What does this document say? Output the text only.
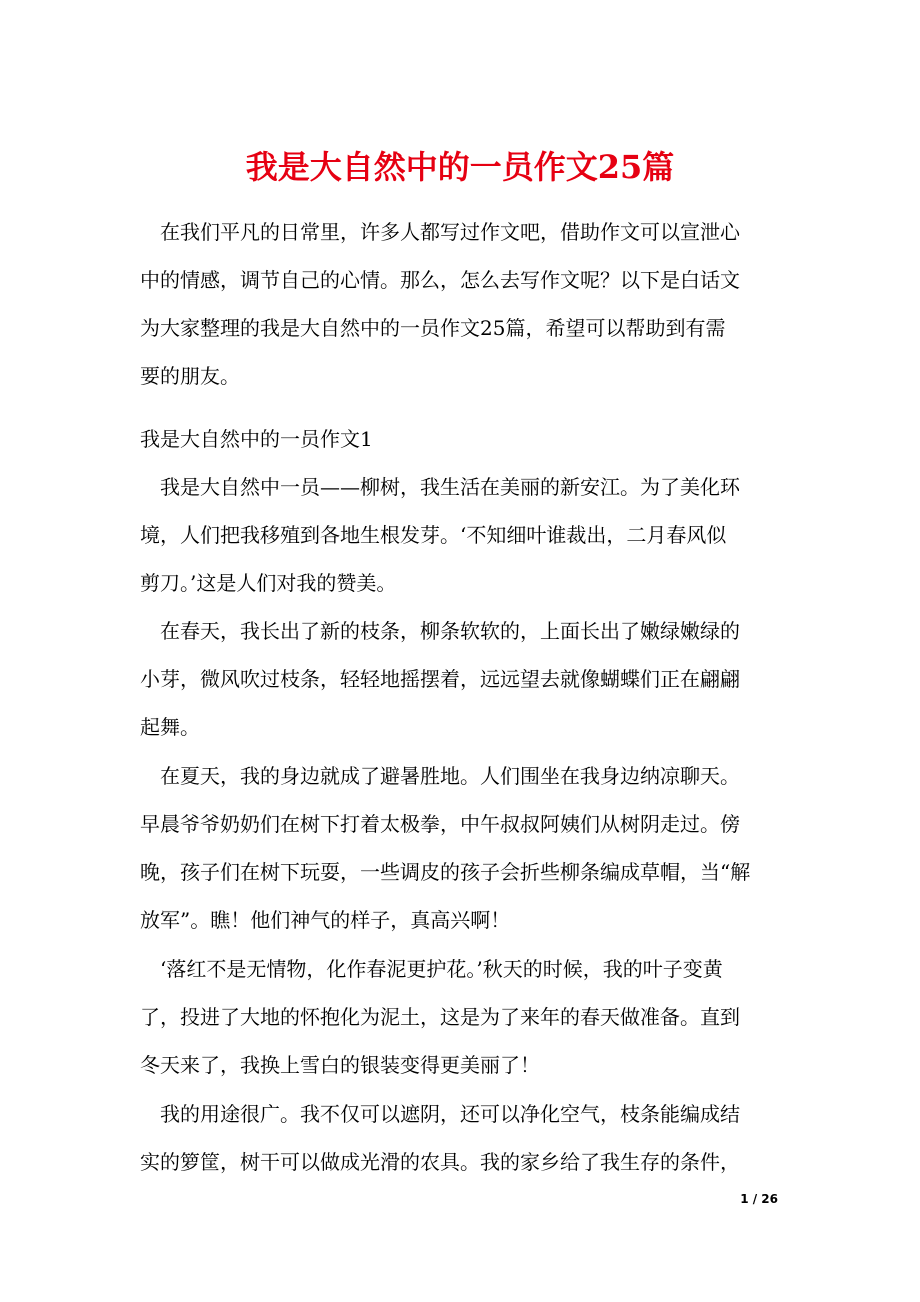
我是大自然中的一员作文25篇
　在我们平凡的日常里，许多人都写过作文吧，借助作文可以宣泄心
中的情感，调节自己的心情。那么，怎么去写作文呢？以下是白话文
为大家整理的我是大自然中的一员作文25篇，希望可以帮助到有需
要的朋友。
我是大自然中的一员作文1
　我是大自然中一员——柳树，我生活在美丽的新安江。为了美化环
境，人们把我移殖到各地生根发芽。‘不知细叶谁裁出，二月春风似
剪刀。’这是人们对我的赞美。
　在春天，我长出了新的枝条，柳条软软的，上面长出了嫩绿嫩绿的
小芽，微风吹过枝条，轻轻地摇摆着，远远望去就像蝴蝶们正在翩翩
起舞。
　在夏天，我的身边就成了避暑胜地。人们围坐在我身边纳凉聊天。
早晨爷爷奶奶们在树下打着太极拳，中午叔叔阿姨们从树阴走过。傍
晚，孩子们在树下玩耍，一些调皮的孩子会折些柳条编成草帽，当“解
放军”。瞧！他们神气的样子，真高兴啊！
　‘落红不是无情物，化作春泥更护花。’秋天的时候，我的叶子变黄
了，投进了大地的怀抱化为泥土，这是为了来年的春天做准备。直到
冬天来了，我换上雪白的银装变得更美丽了！
　我的用途很广。我不仅可以遮阴，还可以净化空气，枝条能编成结
实的箩筐，树干可以做成光滑的农具。我的家乡给了我生存的条件，
1 / 26
